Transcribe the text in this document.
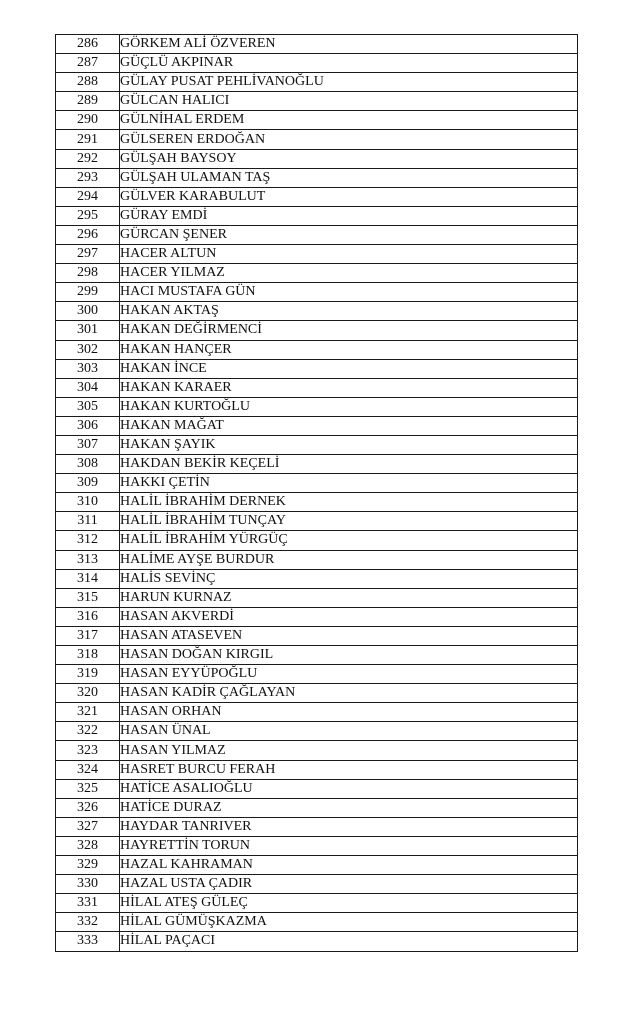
286	GÖRKEM ALİ ÖZVEREN
287	GÜÇLÜ AKPINAR
288	GÜLAY PUSAT PEHLİVANOĞLU
289	GÜLCAN HALICI
290	GÜLNİHAL ERDEM
291	GÜLSEREN ERDOĞAN
292	GÜLŞAH BAYSOY
293	GÜLŞAH ULAMAN TAŞ
294	GÜLVER KARABULUT
295	GÜRAY EMDİ
296	GÜRCAN ŞENER
297	HACER ALTUN
298	HACER YILMAZ
299	HACI MUSTAFA GÜN
300	HAKAN AKTAŞ
301	HAKAN DEĞİRMENCİ
302	HAKAN HANÇER
303	HAKAN İNCE
304	HAKAN KARAER
305	HAKAN KURTOĞLU
306	HAKAN MAĞAT
307	HAKAN ŞAYIK
308	HAKDAN BEKİR KEÇELİ
309	HAKKI ÇETİN
310	HALİL İBRAHİM DERNEK
311	HALİL İBRAHİM TUNÇAY
312	HALİL İBRAHİM YÜRGÜÇ
313	HALİME AYŞE BURDUR
314	HALİS SEVİNÇ
315	HARUN KURNAZ
316	HASAN AKVERDİ
317	HASAN ATASEVEN
318	HASAN DOĞAN KIRGIL
319	HASAN EYYÜPOĞLU
320	HASAN KADİR ÇAĞLAYAN
321	HASAN ORHAN
322	HASAN ÜNAL
323	HASAN YILMAZ
324	HASRET BURCU FERAH
325	HATİCE ASALIOĞLU
326	HATİCE DURAZ
327	HAYDAR TANRIVER
328	HAYRETTİN TORUN
329	HAZAL KAHRAMAN
330	HAZAL USTA ÇADIR
331	HİLAL ATEŞ GÜLEÇ
332	HİLAL GÜMÜŞKAZMA
333	HİLAL PAÇACI
